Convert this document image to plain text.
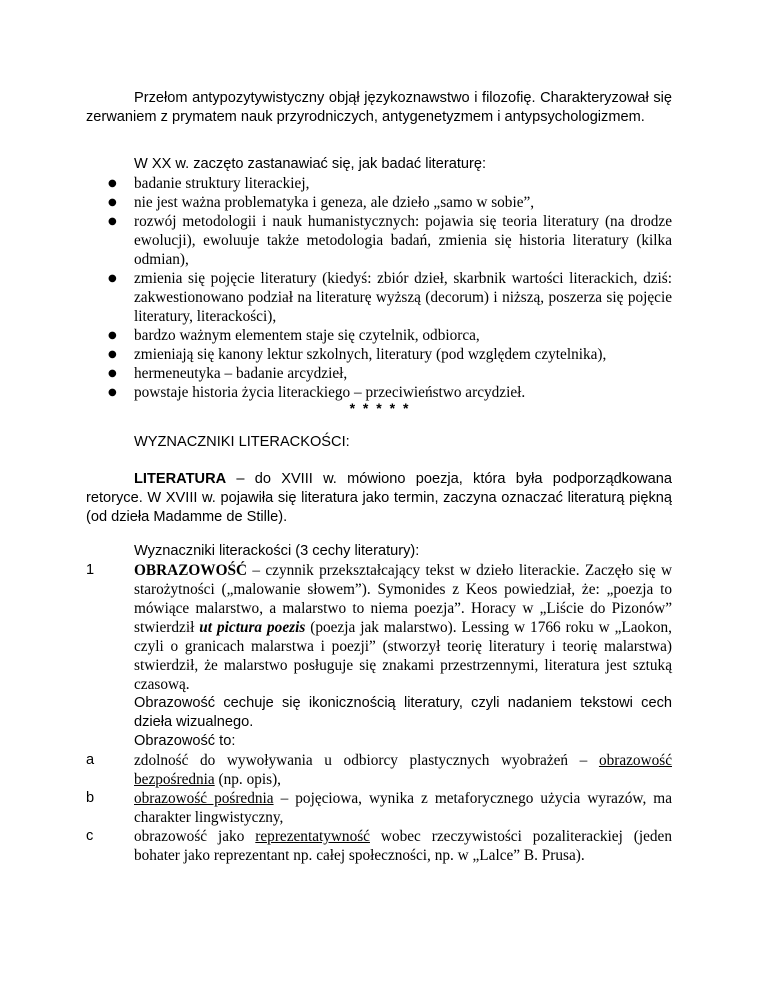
Przełom antypozytywistyczny objął językoznawstwo i filozofię. Charakteryzował się zerwaniem z prymatem nauk przyrodniczych, antygenetyzmem i antypsychologizmem.

W XX w. zaczęto zastanawiać się, jak badać literaturę:

● badanie struktury literackiej,
● nie jest ważna problematyka i geneza, ale dzieło „samo w sobie”,
● rozwój metodologii i nauk humanistycznych: pojawia się teoria literatury (na drodze ewolucji), ewoluuje także metodologia badań, zmienia się historia literatury (kilka odmian),
● zmienia się pojęcie literatury (kiedyś: zbiór dzieł, skarbnik wartości literackich, dziś: zakwestionowano podział na literaturę wyższą (decorum) i niższą, poszerza się pojęcie literatury, literackości),
● bardzo ważnym elementem staje się czytelnik, odbiorca,
● zmieniają się kanony lektur szkolnych, literatury (pod względem czytelnika),
● hermeneutyka – badanie arcydzieł,
● powstaje historia życia literackiego – przeciwieństwo arcydzieł.
* * * * *

WYZNACZNIKI LITERACKOŚCI:

LITERATURA – do XVIII w. mówiono poezja, która była podporządkowana retoryce. W XVIII w. pojawiła się literatura jako termin, zaczyna oznaczać literaturą piękną (od dzieła Madamme de Stille).

Wyznaczniki literackości (3 cechy literatury):

1	OBRAZOWOŚĆ – czynnik przekształcający tekst w dzieło literackie. Zaczęło się w starożytności („malowanie słowem”). Symonides z Keos powiedział, że: „poezja to mówiące malarstwo, a malarstwo to niema poezja”. Horacy w „Liście do Pizonów” stwierdził ut pictura poezis (poezja jak malarstwo). Lessing w 1766 roku w „Laokon, czyli o granicach malarstwa i poezji” (stworzył teorię literatury i teorię malarstwa) stwierdził, że malarstwo posługuje się znakami przestrzennymi, literatura jest sztuką czasową.
Obrazowość cechuje się ikonicznością literatury, czyli nadaniem tekstowi cech dzieła wizualnego.
Obrazowość to:
a	zdolność do wywoływania u odbiorcy plastycznych wyobrażeń – obrazowość bezpośrednia (np. opis),
b	obrazowość pośrednia – pojęciowa, wynika z metaforycznego użycia wyrazów, ma charakter lingwistyczny,
c	obrazowość jako reprezentatywność wobec rzeczywistości pozaliterackiej (jeden bohater jako reprezentant np. całej społeczności, np. w „Lalce” B. Prusa).
